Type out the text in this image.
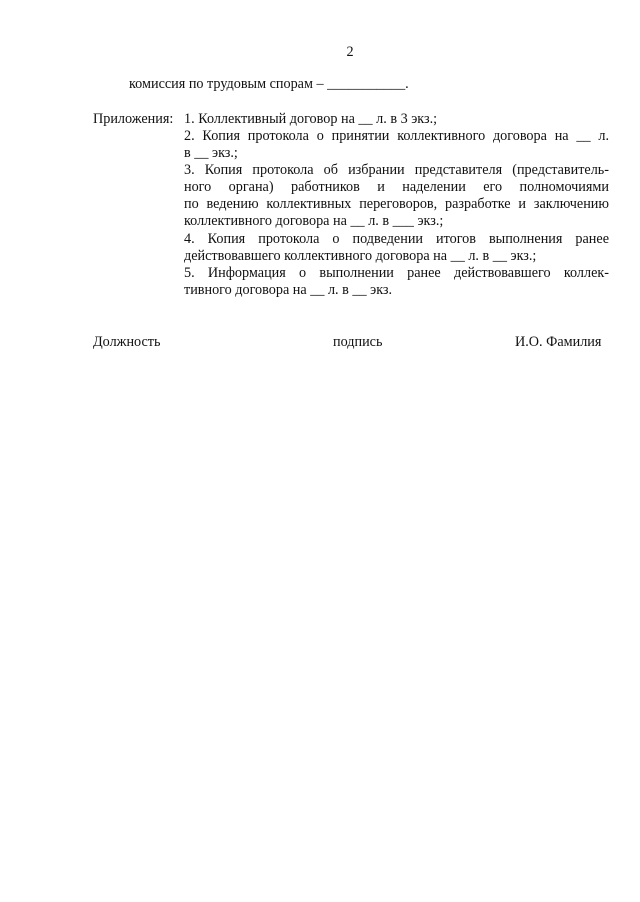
2
комиссия по трудовым спорам – ___________.
Приложения: 1. Коллективный договор на __ л. в 3 экз.;
2. Копия протокола о принятии коллективного договора на __ л.
в __ экз.;
3. Копия протокола об избрании представителя (представитель-
ного органа) работников и наделении его полномочиями
по ведению коллективных переговоров, разработке и заключению
коллективного договора на __ л. в ___ экз.;
4. Копия протокола о подведении итогов выполнения ранее
действовавшего коллективного договора на __ л. в __ экз.;
5. Информация о выполнении ранее действовавшего коллек-
тивного договора на __ л. в __ экз.
Должность	подпись	И.О. Фамилия
